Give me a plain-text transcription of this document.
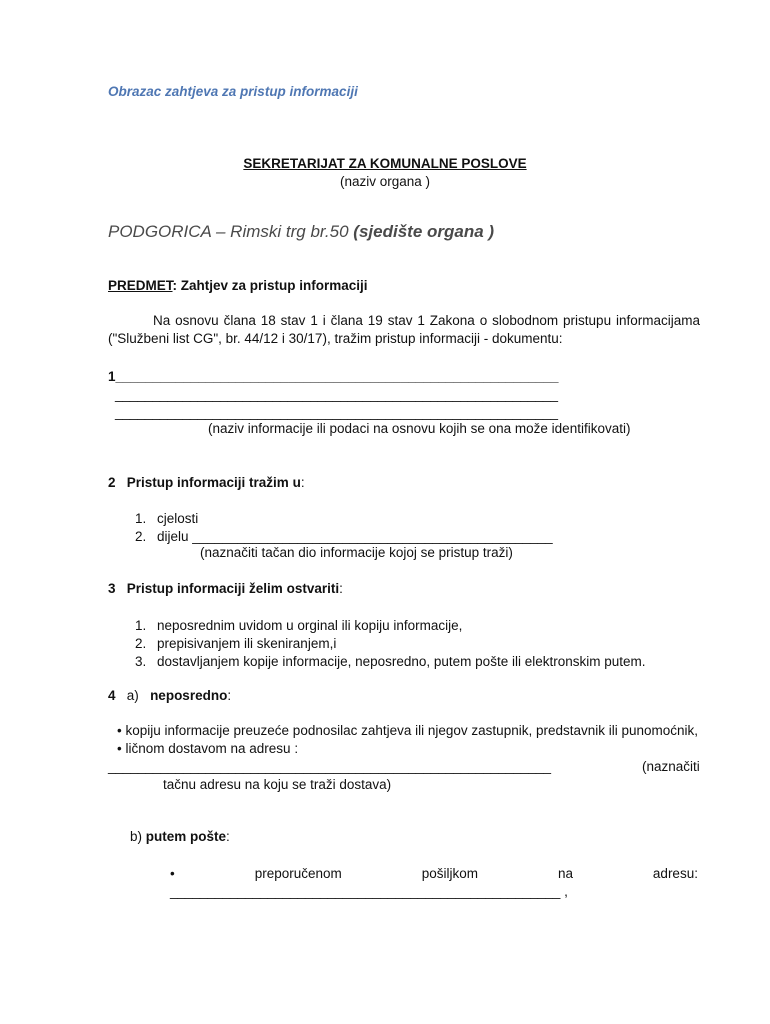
Obrazac zahtjeva za pristup informaciji
SEKRETARIJAT ZA KOMUNALNE POSLOVE
(naziv organa )
PODGORICA – Rimski trg br.50 (sjedište organa )
PREDMET: Zahtjev za pristup informaciji
Na osnovu člana 18 stav 1 i člana 19 stav 1 Zakona o slobodnom pristupu informacijama ("Službeni list CG", br. 44/12 i 30/17), tražim pristup informaciji - dokumentu:
1___________________________________________________________
___________________________________________________________
___________________________________________________________
(naziv informacije ili podaci na osnovu kojih se ona može identifikovati)
2 Pristup informaciji tražim u:
1. cjelosti
2. dijelu ________________________________________________
(naznačiti tačan dio informacije kojoj se pristup traži)
3 Pristup informaciji želim ostvariti:
1. neposrednim uvidom u orginal ili kopiju informacije,
2. prepisivanjem ili skeniranjem,i
3. dostavljanjem kopije informacije, neposredno, putem pošte ili elektronskim putem.
4 a) neposredno:
• kopiju informacije preuzeće podnosilac zahtjeva ili njegov zastupnik, predstavnik ili punomoćnik,
• ličnom dostavom na adresu :
___________________________________________________________	(naznačiti
tačnu adresu na koju se traži dostava)
b) putem pošte:
•	preporučenom	pošiljkom	na	adresu:
____________________________________________________ ,
